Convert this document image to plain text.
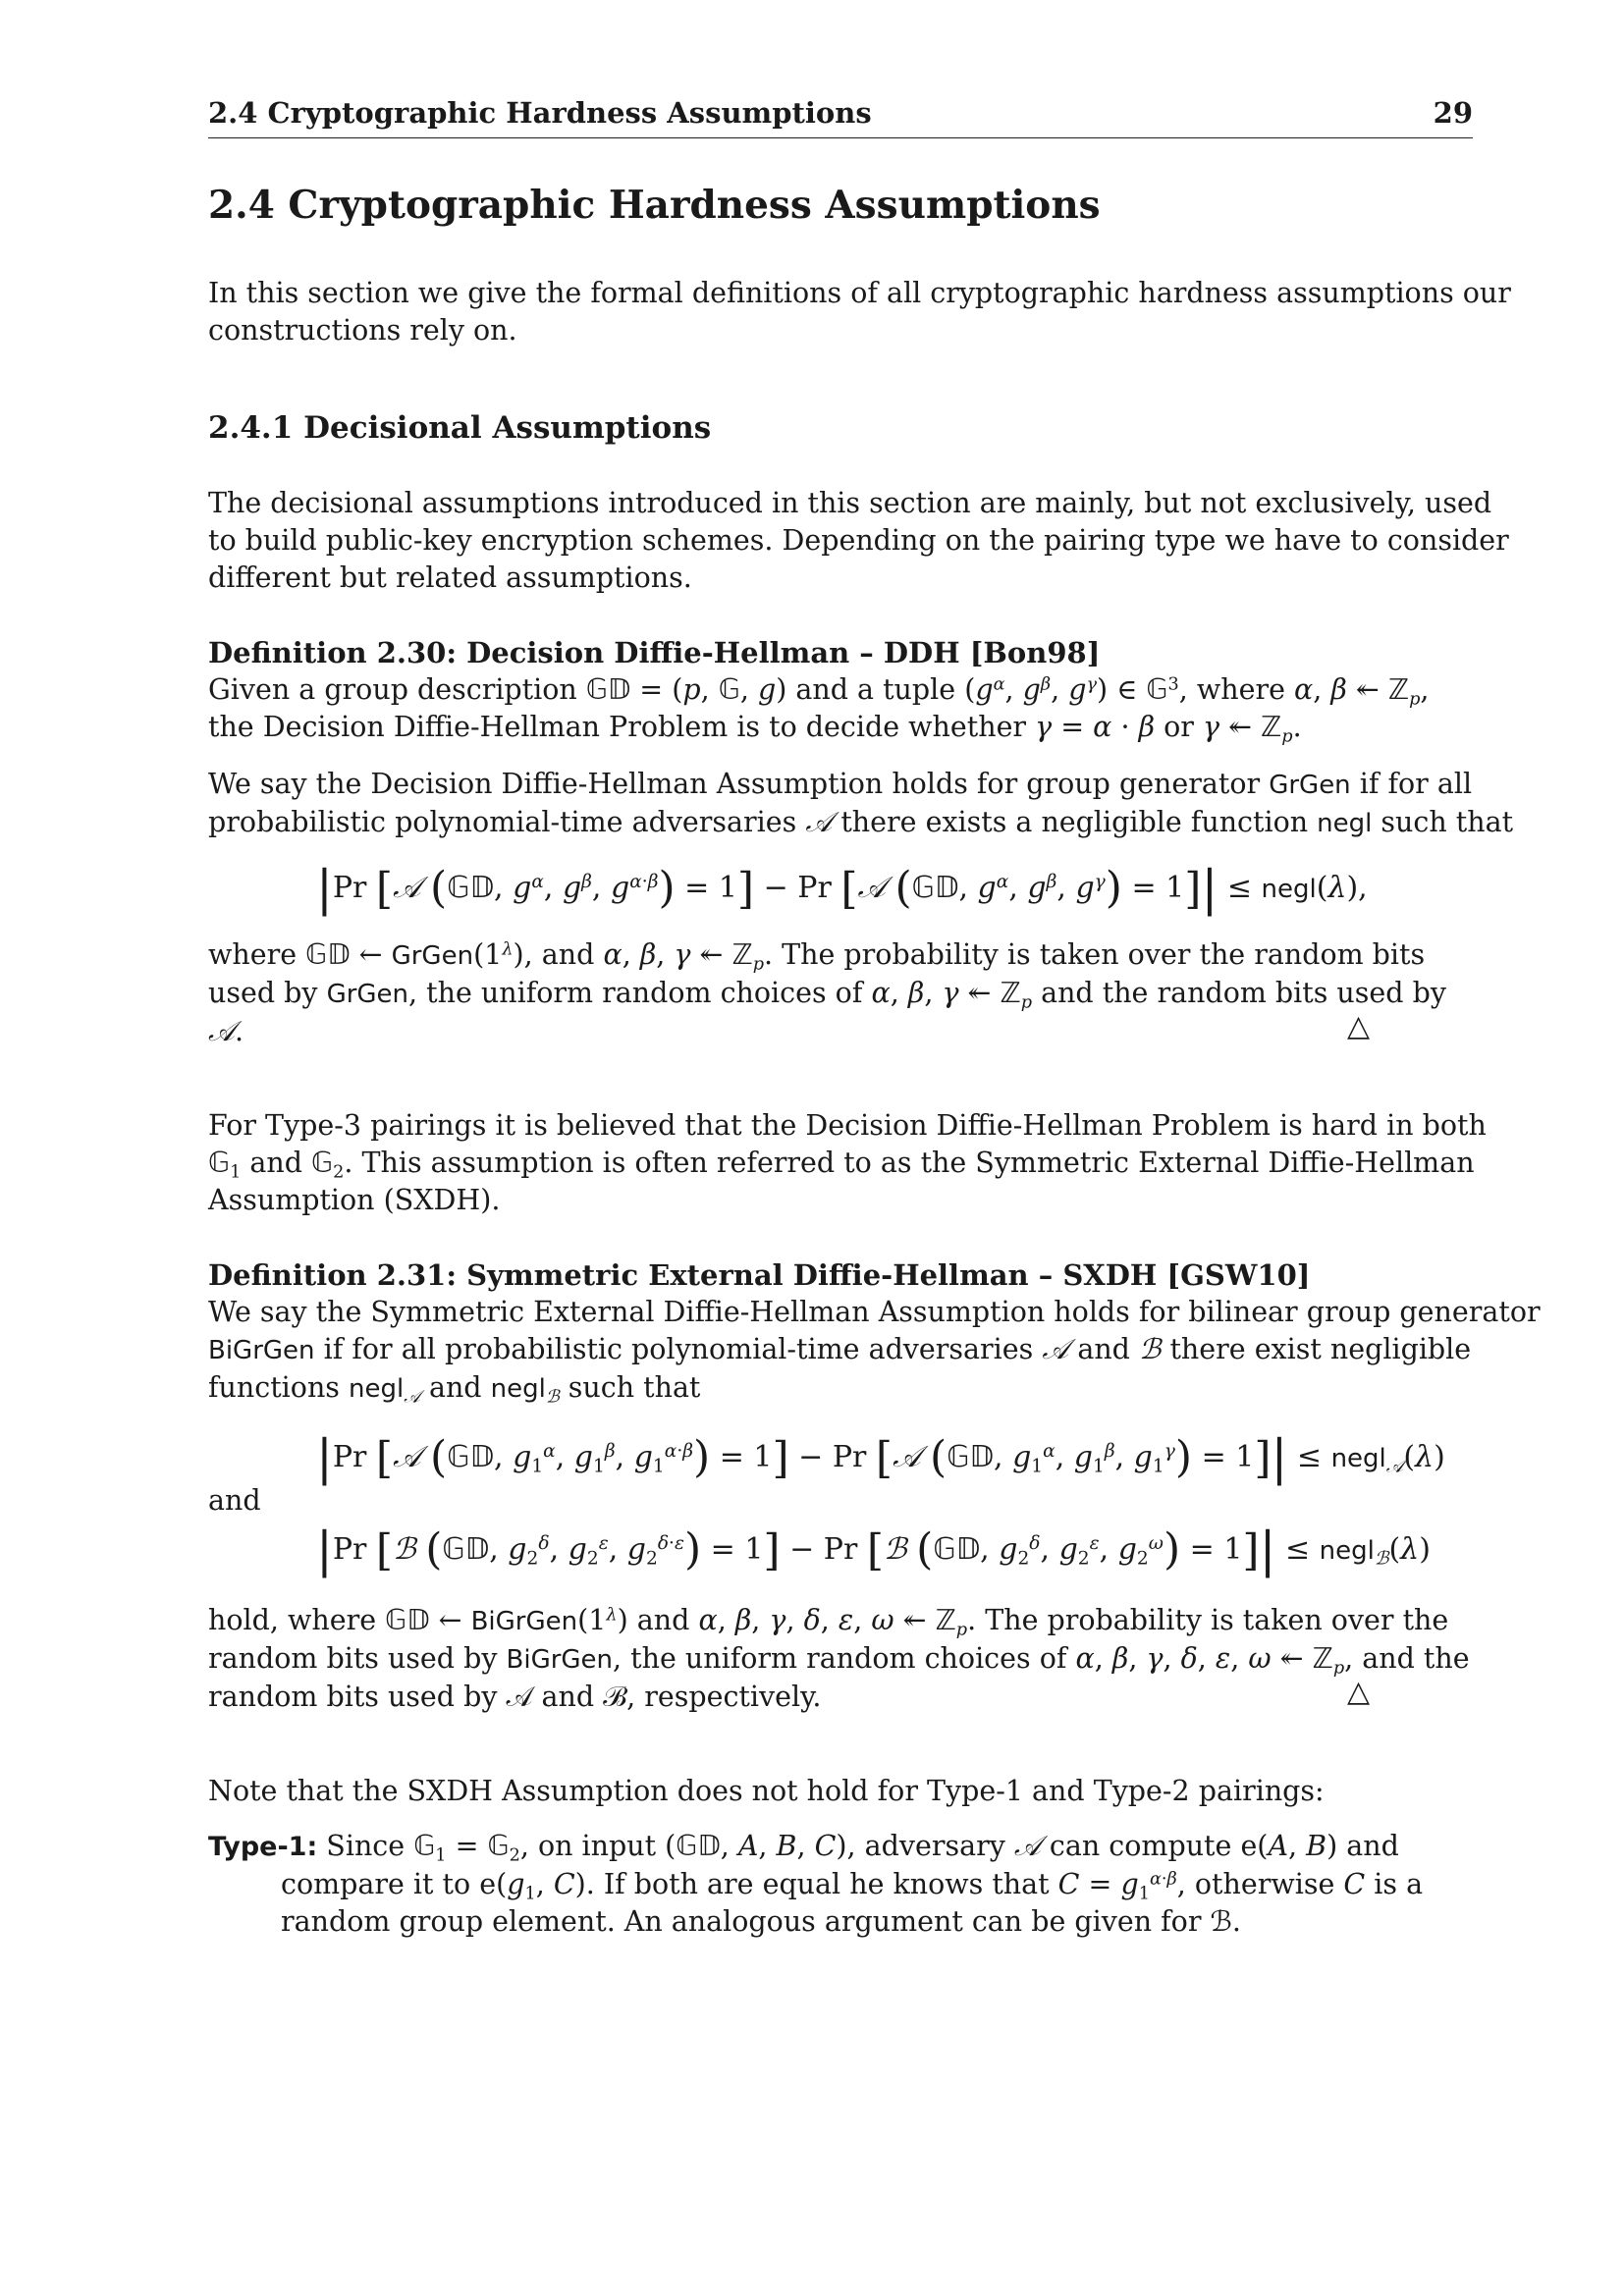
2.4 Cryptographic Hardness Assumptions	29
2.4 Cryptographic Hardness Assumptions
In this section we give the formal definitions of all cryptographic hardness assumptions our
constructions rely on.
2.4.1 Decisional Assumptions
The decisional assumptions introduced in this section are mainly, but not exclusively, used
to build public-key encryption schemes. Depending on the pairing type we have to consider
different but related assumptions.
Definition 2.30: Decision Diffie-Hellman – DDH [Bon98]
Given a group description 𝔾𝔻 = (p, 𝔾, g) and a tuple ($g^\alpha$, $g^\beta$, $g^\gamma$) ∈ 𝔾$^3$, where α, β ↞ ℤ$_p$,
the Decision Diffie-Hellman Problem is to decide whether γ = α · β or γ ↞ ℤ$_p$.
We say the Decision Diffie-Hellman Assumption holds for group generator GrGen if for all
probabilistic polynomial-time adversaries 𝒜 there exists a negligible function negl such that
|Pr [𝒜 (𝔾𝔻, $g^\alpha$, $g^\beta$, $g^{\alpha\cdot\beta}) = 1] - Pr$ [𝒜 (𝔾𝔻, $g^\alpha$, $g^\beta$, $g^\gamma) = 1]|$ ≤ negl(λ),
where 𝔾𝔻 ← $GrGen(1^\lambda)$, and α, β, γ ↞ ℤ$_p$. The probability is taken over the random bits
used by GrGen, the uniform random choices of α, β, γ ↞ ℤ$_p$ and the random bits used by
𝒜.	△
For Type-3 pairings it is believed that the Decision Diffie-Hellman Problem is hard in both
𝔾$_1$ and 𝔾$_2$. This assumption is often referred to as the Symmetric External Diffie-Hellman
Assumption (SXDH).
Definition 2.31: Symmetric External Diffie-Hellman – SXDH [GSW10]
We say the Symmetric External Diffie-Hellman Assumption holds for bilinear group generator
BiGrGen if for all probabilistic polynomial-time adversaries 𝒜 and ℬ there exist negligible
functions negl$_𝒜$ and negl$_ℬ$ such that
|Pr [𝒜 (𝔾𝔻, $g_1^\alpha$, $g_1^\beta$, $g_1^{\alpha\cdot\beta}) = 1] - Pr$ [𝒜 (𝔾𝔻, $g_1^\alpha$, $g_1^\beta$, $g_1^\gamma) = 1]|$ ≤ negl$_𝒜$(λ)
and
|Pr [ℬ (𝔾𝔻, $g_2^\delta$, $g_2^\varepsilon$, $g_2^{\delta\cdot\varepsilon}) = 1] - Pr$ [ℬ (𝔾𝔻, $g_2^\delta$, $g_2^\varepsilon$, $g_2^\omega) = 1]|$ ≤ negl$_ℬ$(λ)
hold, where 𝔾𝔻 ← $BiGrGen(1^\lambda)$ and α, β, γ, δ, ε, ω ↞ ℤ$_p$. The probability is taken over the
random bits used by BiGrGen, the uniform random choices of α, β, γ, δ, ε, ω ↞ ℤ$_p$, and the
random bits used by 𝒜 and ℬ, respectively.	△
Note that the SXDH Assumption does not hold for Type-1 and Type-2 pairings:
Type-1: Since 𝔾$_1$ = 𝔾$_2$, on input (𝔾𝔻, A, B, C), adversary 𝒜 can compute e(A, B) and
compare it to $e(g_1$, C). If both are equal he knows that $C = g_1^{\alpha\cdot\beta}$, otherwise C is a
random group element. An analogous argument can be given for ℬ.
